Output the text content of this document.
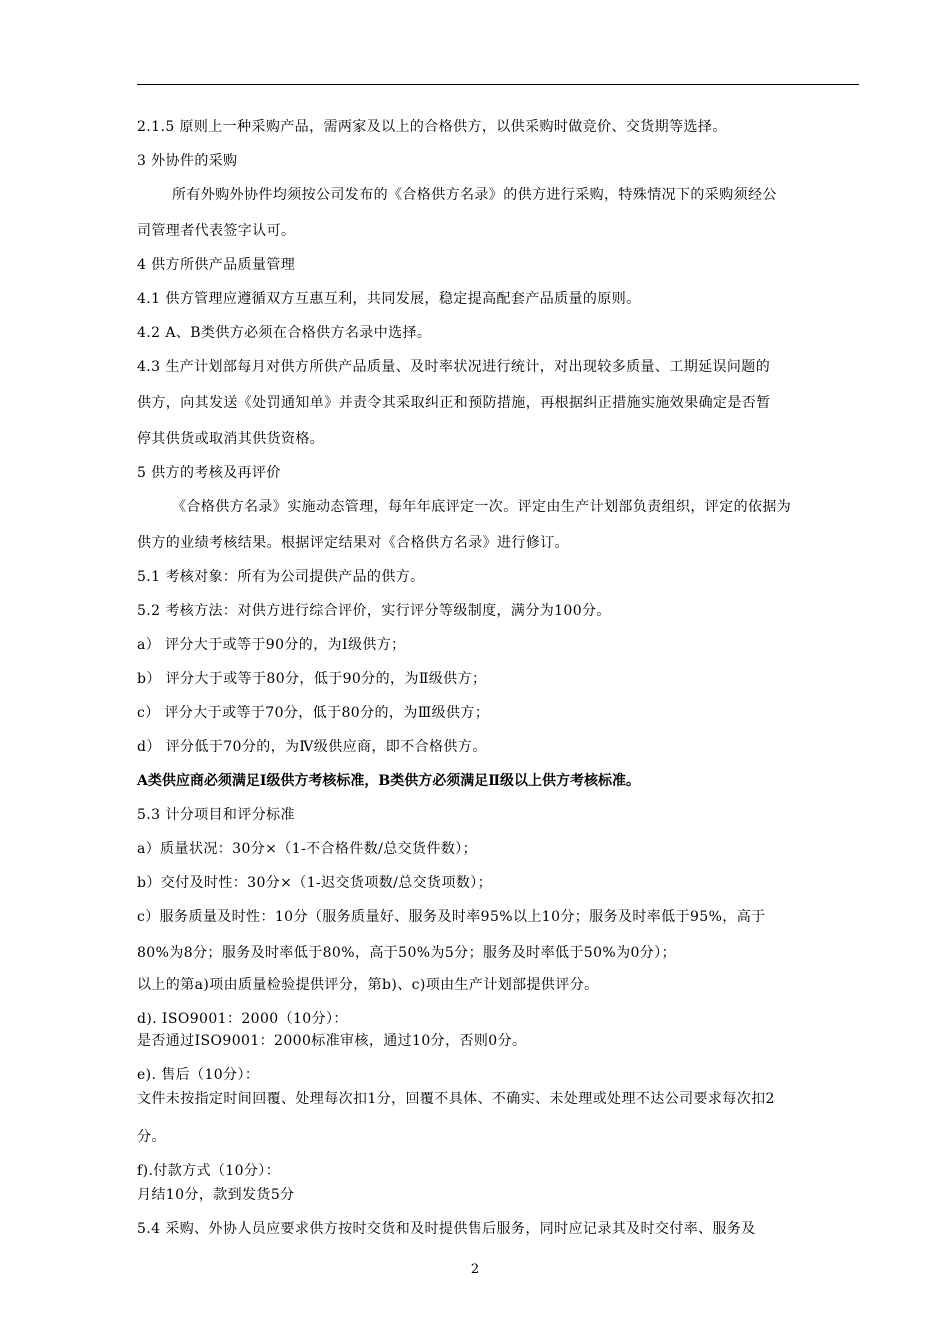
2.1.5 原则上一种采购产品，需两家及以上的合格供方，以供采购时做竞价、交货期等选择。
3 外协件的采购
所有外购外协件均须按公司发布的《合格供方名录》的供方进行采购，特殊情况下的采购须经公
司管理者代表签字认可。
4 供方所供产品质量管理
4.1 供方管理应遵循双方互惠互利，共同发展，稳定提高配套产品质量的原则。
4.2 A、B类供方必须在合格供方名录中选择。
4.3 生产计划部每月对供方所供产品质量、及时率状况进行统计，对出现较多质量、工期延误问题的
供方，向其发送《处罚通知单》并责令其采取纠正和预防措施，再根据纠正措施实施效果确定是否暂
停其供货或取消其供货资格。
5 供方的考核及再评价
《合格供方名录》实施动态管理，每年年底评定一次。评定由生产计划部负责组织，评定的依据为
供方的业绩考核结果。根据评定结果对《合格供方名录》进行修订。
5.1 考核对象：所有为公司提供产品的供方。
5.2 考核方法：对供方进行综合评价，实行评分等级制度，满分为100分。
a） 评分大于或等于90分的，为Ⅰ级供方；
b） 评分大于或等于80分，低于90分的，为Ⅱ级供方；
c） 评分大于或等于70分，低于80分的，为Ⅲ级供方；
d） 评分低于70分的，为Ⅳ级供应商，即不合格供方。
A类供应商必须满足Ⅰ级供方考核标准，B类供方必须满足Ⅱ级以上供方考核标准。
5.3 计分项目和评分标准
a）质量状况：30分×（1-不合格件数/总交货件数）；
b）交付及时性：30分×（1-迟交货项数/总交货项数）；
c）服务质量及时性：10分（服务质量好、服务及时率95%以上10分；服务及时率低于95%，高于
80%为8分；服务及时率低于80%，高于50%为5分；服务及时率低于50%为0分）；
以上的第a)项由质量检验提供评分，第b)、c)项由生产计划部提供评分。
d). ISO9001：2000（10分）：
是否通过ISO9001：2000标准审核，通过10分，否则0分。
e). 售后（10分）：
文件未按指定时间回覆、处理每次扣1分，回覆不具体、不确实、未处理或处理不达公司要求每次扣2
分。
f).付款方式（10分）：
月结10分，款到发货5分
5.4 采购、外协人员应要求供方按时交货和及时提供售后服务，同时应记录其及时交付率、服务及
2
